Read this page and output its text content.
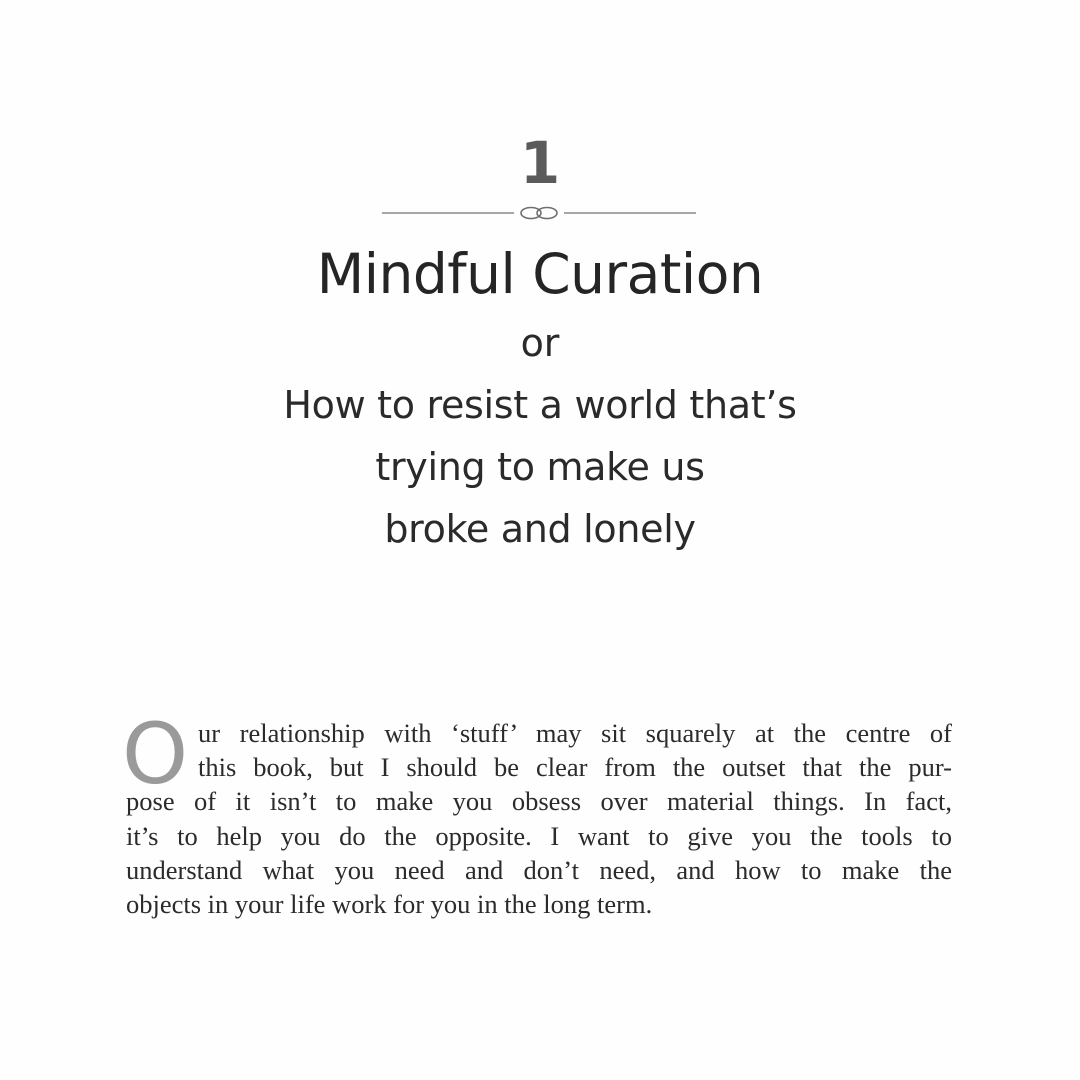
1
Mindful Curation
or
How to resist a world that’s
trying to make us
broke and lonely
O ur relationship with ‘stuff’ may sit squarely at the centre of
this book, but I should be clear from the outset that the pur-
pose of it isn’t to make you obsess over material things. In fact,
it’s to help you do the opposite. I want to give you the tools to
understand what you need and don’t need, and how to make the
objects in your life work for you in the long term.
